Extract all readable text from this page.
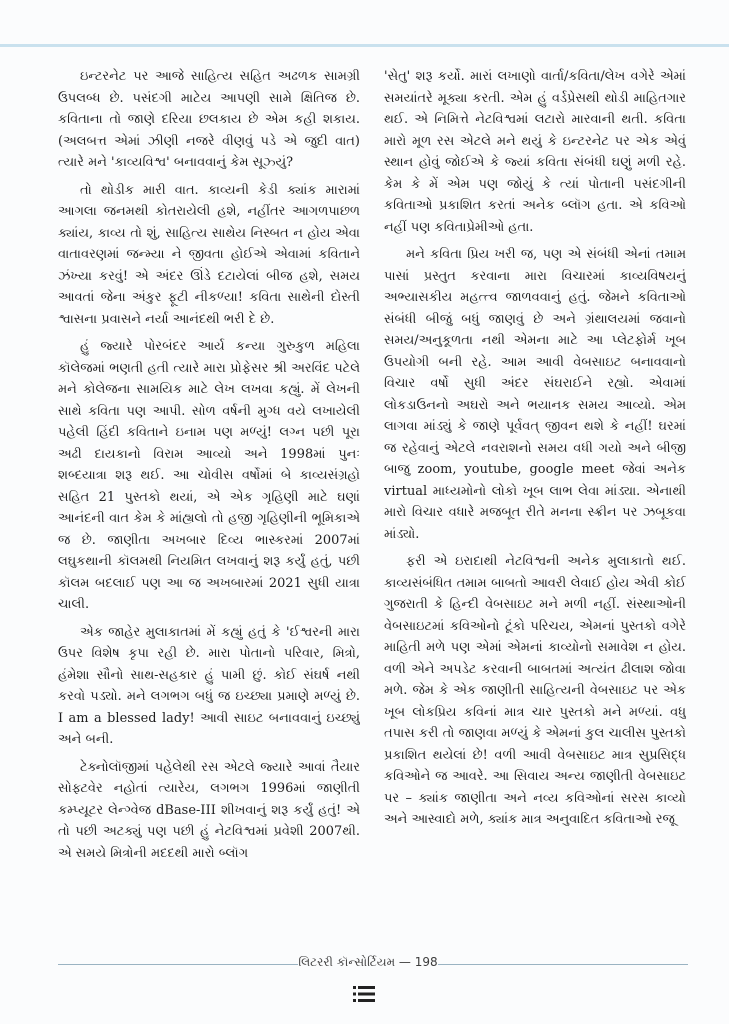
ઇન્ટરનેટ પર આજે સાહિત્ય સહિત અઢળક સામગ્રી ઉપલબ્ધ છે. પસંદગી માટેય આપણી સામે ક્ષિતિજ છે. કવિતાના તો જાણે દરિયા છલકાય છે એમ કહી શકાય. (અલબત્ત એમાં ઝીણી નજરે વીણવું પડે એ જુદી વાત) ત્યારે મને 'કાવ્યવિશ્વ' બનાવવાનું કેમ સૂઝ્યું?

તો થોડીક મારી વાત. કાવ્યની કેડી ક્યાંક મારામાં આગલા જનમથી કોતરાયેલી હશે, નહીંતર આગળપાછળ ક્યાંય, કાવ્ય તો શું, સાહિત્ય સાથેય નિસ્બત ન હોય એવા વાતાવરણમાં જન્મ્યા ને જીવતા હોઈએ એવામાં કવિતાને ઝંખ્યા કરવું! એ અંદર ઊંડે દટાયેલાં બીજ હશે, સમય આવતાં જેના અંકુર ફૂટી નીકળ્યા! કવિતા સાથેની દોસ્તી શ્વાસના પ્રવાસને નર્યા આનંદથી ભરી દે છે.

હું જ્યારે પોરબંદર આર્ય કન્યા ગુરુકુળ મહિલા કૉલેજમાં ભણતી હતી ત્યારે મારા પ્રોફેસર શ્રી અરવિંદ પટેલે મને કોલેજના સામયિક માટે લેખ લખવા કહ્યું. મેં લેખની સાથે કવિતા પણ આપી. સોળ વર્ષની મુગ્ધ વયે લખાયેલી પહેલી હિંદી કવિતાને ઇનામ પણ મળ્યું! લગ્ન પછી પૂરા અઢી દાયકાનો વિરામ આવ્યો અને 1998માં પુનઃ શબ્દયાત્રા શરૂ થઈ. આ ચોવીસ વર્ષોમાં બે કાવ્યસંગ્રહો સહિત 21 પુસ્તકો થયાં, એ એક ગૃહિણી માટે ઘણાં આનંદની વાત કેમ કે માંહ્યલો તો હજી ગૃહિણીની ભૂમિકાએ જ છે. જાણીતા અખબાર દિવ્ય ભાસ્કરમાં 2007માં લઘુકથાની કૉલમથી નિયમિત લખવાનું શરૂ કર્યું હતું, પછી કૉલમ બદલાઈ પણ આ જ અખબારમાં 2021 સુધી યાત્રા ચાલી.

એક જાહેર મુલાકાતમાં મેં કહ્યું હતું કે 'ઈશ્વરની મારા ઉપર વિશેષ કૃપા રહી છે. મારા પોતાનો પરિવાર, મિત્રો, હંમેશા સૌનો સાથ-સહકાર હું પામી છું. કોઈ સંઘર્ષ નથી કરવો પડ્યો. મને લગભગ બધું જ ઇચ્છ્યા પ્રમાણે મળ્યું છે. I am a blessed lady! આવી સાઇટ બનાવવાનું ઇચ્છ્યું અને બની.

ટેક્નોલૉજીમાં પહેલેથી રસ એટલે જ્યારે આવાં તૈયાર સોફ્ટવેર નહોતાં ત્યારેય, લગભગ 1996માં જાણીતી કમ્પ્યૂટર લેન્ગ્વેજ dBase-III શીખવાનું શરૂ કર્યું હતું! એ તો પછી અટક્યું પણ પછી હું નેટવિશ્વમાં પ્રવેશી 2007થી. એ સમયે મિત્રોની મદદથી મારો બ્લૉગ

'સેતુ' શરૂ કર્યો. મારાં લખાણો વાર્તા/કવિતા/લેખ વગેરે એમાં સમયાંતરે મૂક્યા કરતી. એમ હું વર્ડપ્રેસથી થોડી માહિતગાર થઈ. એ નિમિત્તે નેટવિશ્વમાં લટારો મારવાની થતી. કવિતા મારો મૂળ રસ એટલે મને થયું કે ઇન્ટરનેટ પર એક એવું સ્થાન હોવું જોઈએ કે જ્યાં કવિતા સંબંધી ઘણું મળી રહે. કેમ કે મેં એમ પણ જોયું કે ત્યાં પોતાની પસંદગીની કવિતાઓ પ્રકાશિત કરતાં અનેક બ્લૉગ હતા. એ કવિઓ નહીં પણ કવિતાપ્રેમીઓ હતા.

મને કવિતા પ્રિય ખરી જ, પણ એ સંબંધી એનાં તમામ પાસાં પ્રસ્તુત કરવાના મારા વિચારમાં કાવ્યવિષયનું અભ્યાસકીય મહત્ત્વ જાળવવાનું હતું. જેમને કવિતાઓ સંબંધી બીજું બધું જાણવું છે અને ગ્રંથાલયમાં જવાનો સમય/અનુકૂળતા નથી એમના માટે આ પ્લેટફોર્મ ખૂબ ઉપયોગી બની રહે. આમ આવી વેબસાઇટ બનાવવાનો વિચાર વર્ષો સુધી અંદર સંઘરાઈને રહ્યો. એવામાં લોકડાઉનનો અઘરો અને ભયાનક સમય આવ્યો. એમ લાગવા માંડ્યું કે જાણે પૂર્વવત્ જીવન થશે કે નહીં! ઘરમાં જ રહેવાનું એટલે નવરાશનો સમય વધી ગયો અને બીજી બાજુ zoom, youtube, google meet જેવાં અનેક virtual માધ્યમોનો લોકો ખૂબ લાભ લેવા માંડ્યા. એનાથી મારો વિચાર વધારે મજબૂત રીતે મનના સ્ક્રીન પર ઝબૂકવા માંડ્યો.

ફરી એ ઇરાદાથી નેટવિશ્વની અનેક મુલાકાતો થઈ. કાવ્યસંબંધિત તમામ બાબતો આવરી લેવાઈ હોય એવી કોઈ ગુજરાતી કે હિન્દી વેબસાઇટ મને મળી નહીં. સંસ્થાઓની વેબસાઇટમાં કવિઓનો ટૂંકો પરિચય, એમનાં પુસ્તકો વગેરે માહિતી મળે પણ એમાં એમનાં કાવ્યોનો સમાવેશ ન હોય. વળી એને અપડેટ કરવાની બાબતમાં અત્યંત ઢીલાશ જોવા મળે. જેમ કે એક જાણીતી સાહિત્યની વેબસાઇટ પર એક ખૂબ લોકપ્રિય કવિનાં માત્ર ચાર પુસ્તકો મને મળ્યાં. વધુ તપાસ કરી તો જાણવા મળ્યું કે એમનાં કુલ ચાલીસ પુસ્તકો પ્રકાશિત થયેલાં છે! વળી આવી વેબસાઇટ માત્ર સુપ્રસિદ્ધ કવિઓને જ આવરે. આ સિવાય અન્ય જાણીતી વેબસાઇટ પર – ક્યાંક જાણીતા અને નવ્ય કવિઓનાં સરસ કાવ્યો અને આસ્વાદો મળે, ક્યાંક માત્ર અનુવાદિત કવિતાઓ રજૂ

લિટરરી કૉન્સોર્ટિયમ — 198
